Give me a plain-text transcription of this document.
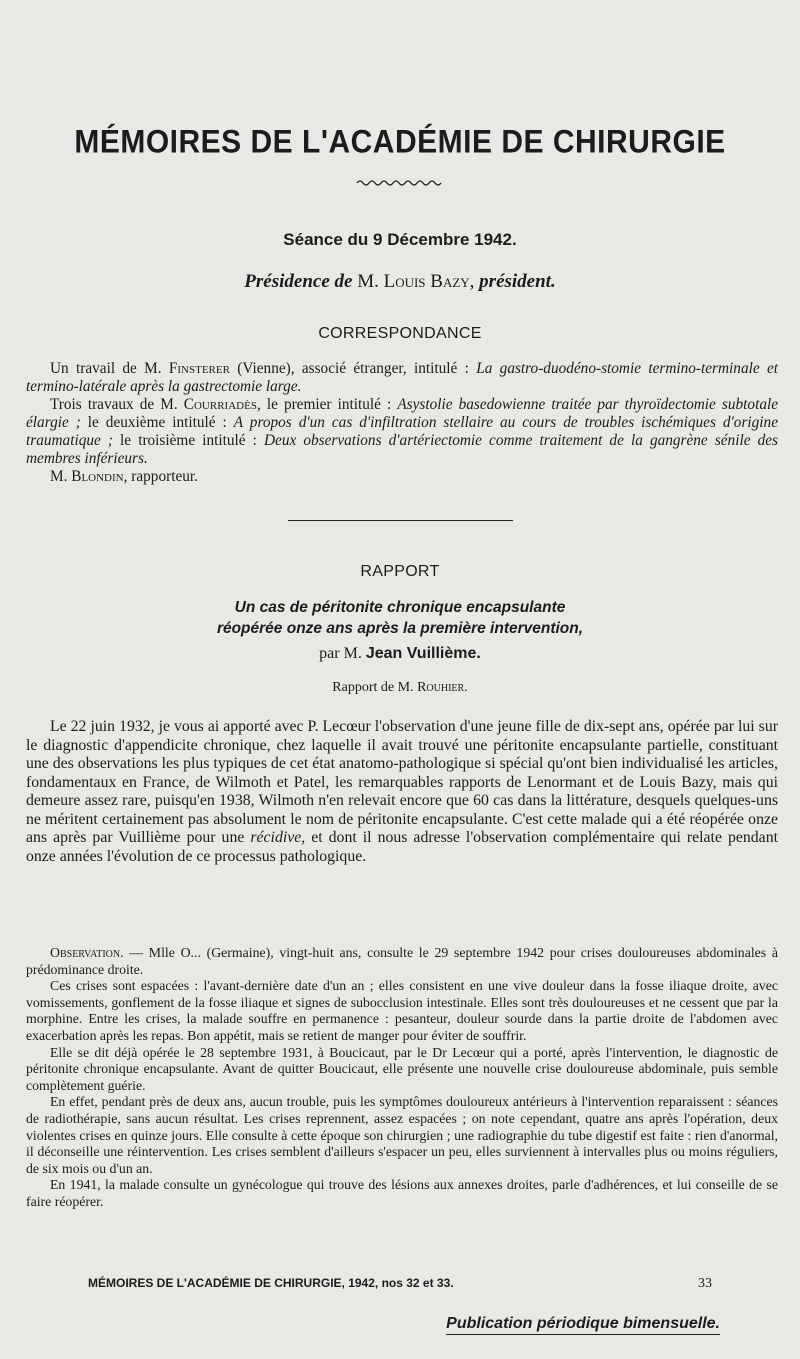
MÉMOIRES DE L'ACADÉMIE DE CHIRURGIE
Séance du 9 Décembre 1942.
Présidence de M. Louis Bazy, président.
CORRESPONDANCE

Un travail de M. Finsterer (Vienne), associé étranger, intitulé : La gastro-duodéno-stomie termino-terminale et termino-latérale après la gastrectomie large.

Trois travaux de M. Courriadès, le premier intitulé : Asystolie basedowienne traitée par thyroïdectomie subtotale élargie ; le deuxième intitulé : A propos d'un cas d'infiltration stellaire au cours de troubles ischémiques d'origine traumatique ; le troisième intitulé : Deux observations d'artériectomie comme traitement de la gangrène sénile des membres inférieurs.

M. Blondin, rapporteur.

RAPPORT
Un cas de péritonite chronique encapsulante
réopérée onze ans après la première intervention,
par M. Jean Vuillième.
Rapport de M. Rouhier.

Le 22 juin 1932, je vous ai apporté avec P. Lecœur l'observation d'une jeune fille de dix-sept ans, opérée par lui sur le diagnostic d'appendicite chronique, chez laquelle il avait trouvé une péritonite encapsulante partielle, constituant une des observations les plus typiques de cet état anatomo-pathologique si spécial qu'ont bien individualisé les articles, fondamentaux en France, de Wilmoth et Patel, les remarquables rapports de Lenormant et de Louis Bazy, mais qui demeure assez rare, puisqu'en 1938, Wilmoth n'en relevait encore que 60 cas dans la littérature, desquels quelques-uns ne méritent certainement pas absolument le nom de péritonite encapsulante. C'est cette malade qui a été réopérée onze ans après par Vuillième pour une récidive, et dont il nous adresse l'observation complémentaire qui relate pendant onze années l'évolution de ce processus pathologique.

Observation. — Mlle O... (Germaine), vingt-huit ans, consulte le 29 septembre 1942 pour crises douloureuses abdominales à prédominance droite.

Ces crises sont espacées : l'avant-dernière date d'un an ; elles consistent en une vive douleur dans la fosse iliaque droite, avec vomissements, gonflement de la fosse iliaque et signes de subocclusion intestinale. Elles sont très douloureuses et ne cessent que par la morphine. Entre les crises, la malade souffre en permanence : pesanteur, douleur sourde dans la partie droite de l'abdomen avec exacerbation après les repas. Bon appétit, mais se retient de manger pour éviter de souffrir.

Elle se dit déjà opérée le 28 septembre 1931, à Boucicaut, par le Dr Lecœur qui a porté, après l'intervention, le diagnostic de péritonite chronique encapsulante. Avant de quitter Boucicaut, elle présente une nouvelle crise douloureuse abdominale, puis semble complètement guérie.

En effet, pendant près de deux ans, aucun trouble, puis les symptômes douloureux antérieurs à l'intervention reparaissent : séances de radiothérapie, sans aucun résultat. Les crises reprennent, assez espacées ; on note cependant, quatre ans après l'opération, deux violentes crises en quinze jours. Elle consulte à cette époque son chirurgien ; une radiographie du tube digestif est faite : rien d'anormal, il déconseille une réintervention. Les crises semblent d'ailleurs s'espacer un peu, elles surviennent à intervalles plus ou moins réguliers, de six mois ou d'un an.

En 1941, la malade consulte un gynécologue qui trouve des lésions aux annexes droites, parle d'adhérences, et lui conseille de se faire réopérer.

MÉMOIRES DE L'ACADÉMIE DE CHIRURGIE, 1942, nos 32 et 33.	33
Publication périodique bimensuelle.
